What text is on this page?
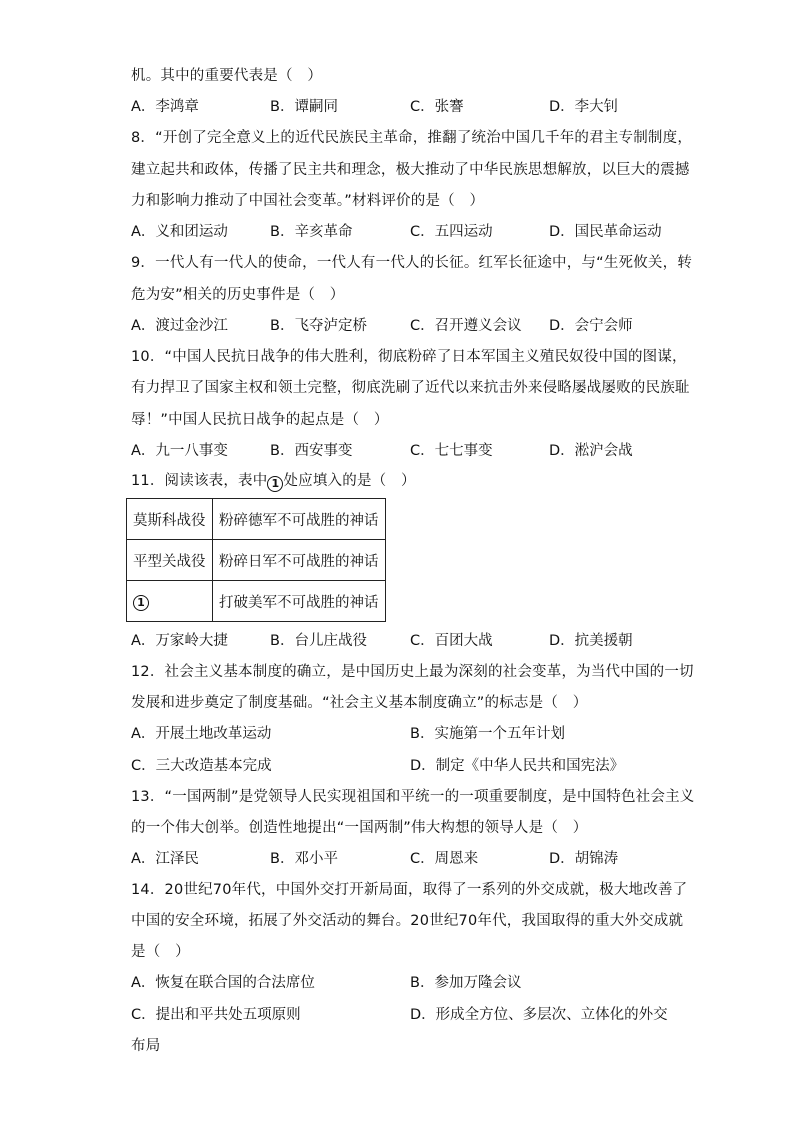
机。其中的重要代表是（　）
A．李鸿章	B．谭嗣同	C．张謇	D．李大钊
8．“开创了完全意义上的近代民族民主革命，推翻了统治中国几千年的君主专制制度，
建立起共和政体，传播了民主共和理念，极大推动了中华民族思想解放，以巨大的震撼
力和影响力推动了中国社会变革。”材料评价的是（　）
A．义和团运动	B．辛亥革命	C．五四运动	D．国民革命运动
9．一代人有一代人的使命，一代人有一代人的长征。红军长征途中，与“生死攸关，转
危为安”相关的历史事件是（　）
A．渡过金沙江	B．飞夺泸定桥	C．召开遵义会议 D．会宁会师
10．“中国人民抗日战争的伟大胜利，彻底粉碎了日本军国主义殖民奴役中国的图谋，
有力捍卫了国家主权和领土完整，彻底洗刷了近代以来抗击外来侵略屡战屡败的民族耻
辱！”中国人民抗日战争的起点是（　）
A．九一八事变	B．西安事变	C．七七事变	D．淞沪会战
11．阅读该表，表中 1 处应填入的是（　）
莫斯科战役	粉碎德军不可战胜的神话
平型关战役	粉碎日军不可战胜的神话
1	打破美军不可战胜的神话
A．万家岭大捷	B．台儿庄战役	C．百团大战	D．抗美援朝
12．社会主义基本制度的确立，是中国历史上最为深刻的社会变革，为当代中国的一切
发展和进步奠定了制度基础。“社会主义基本制度确立”的标志是（　）
A．开展土地改革运动	B．实施第一个五年计划
C．三大改造基本完成	D．制定《中华人民共和国宪法》
13．“一国两制”是党领导人民实现祖国和平统一的一项重要制度，是中国特色社会主义
的一个伟大创举。创造性地提出“一国两制”伟大构想的领导人是（　）
A．江泽民	B．邓小平	C．周恩来	D．胡锦涛
14．20世纪70年代，中国外交打开新局面，取得了一系列的外交成就，极大地改善了
中国的安全环境，拓展了外交活动的舞台。20世纪70年代，我国取得的重大外交成就
是（　）
A．恢复在联合国的合法席位	B．参加万隆会议
C．提出和平共处五项原则	D．形成全方位、多层次、立体化的外交
布局
